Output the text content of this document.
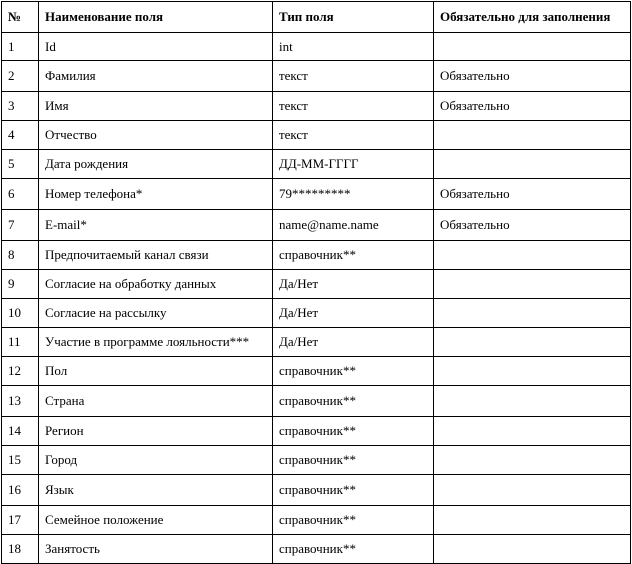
№	Наименование поля	Тип поля	Обязательно для заполнения
1	Id	int	
2	Фамилия	текст	Обязательно
3	Имя	текст	Обязательно
4	Отчество	текст	
5	Дата рождения	ДД-ММ-ГГГГ	
6	Номер телефона*	79*********	Обязательно
7	E-mail*	name@name.name	Обязательно
8	Предпочитаемый канал связи	справочник**	
9	Согласие на обработку данных	Да/Нет	
10	Согласие на рассылку	Да/Нет	
11	Участие в программе лояльности***	Да/Нет	
12	Пол	справочник**	
13	Страна	справочник**	
14	Регион	справочник**	
15	Город	справочник**	
16	Язык	справочник**	
17	Семейное положение	справочник**	
18	Занятость	справочник**	
